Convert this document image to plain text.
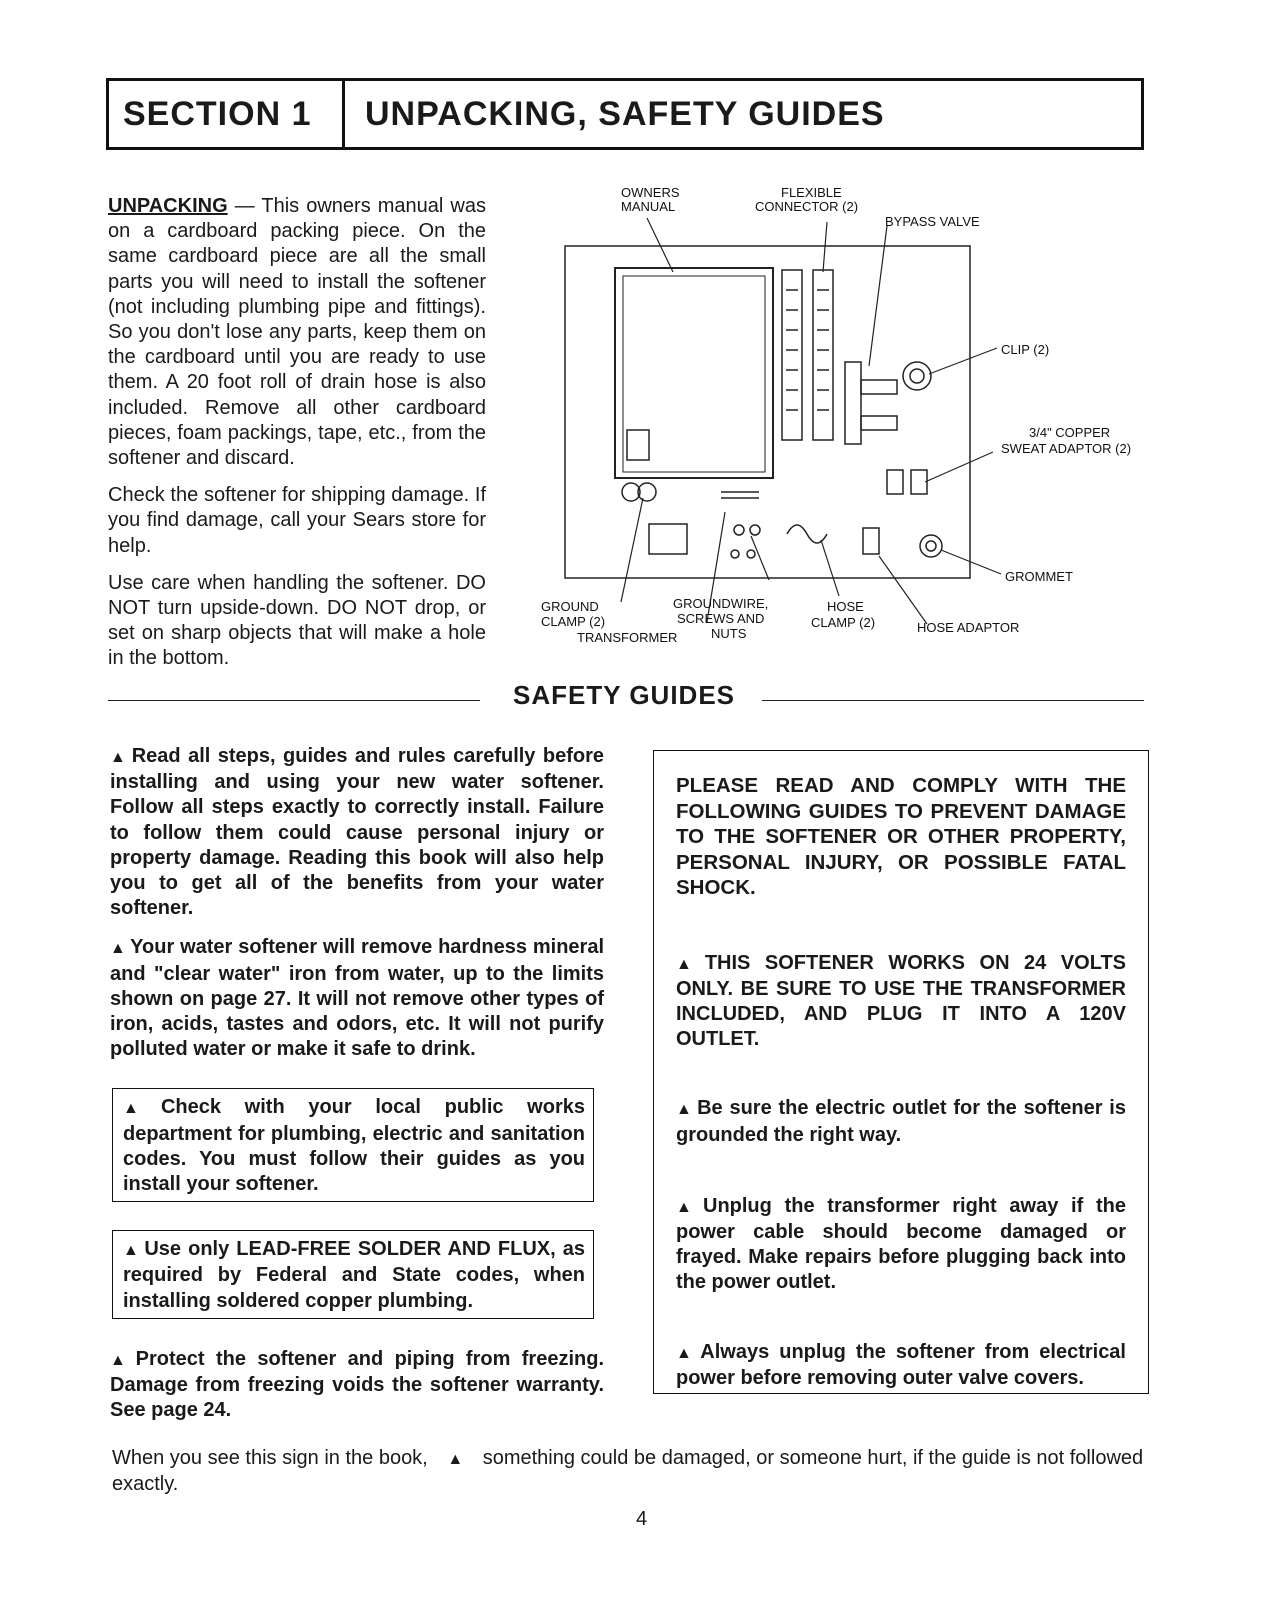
SECTION 1	UNPACKING, SAFETY GUIDES

UNPACKING — This owners manual was on a cardboard packing piece. On the same cardboard piece are all the small parts you will need to install the softener (not including plumbing pipe and fittings). So you don't lose any parts, keep them on the cardboard until you are ready to use them. A 20 foot roll of drain hose is also included. Remove all other cardboard pieces, foam packings, tape, etc., from the softener and discard.

Check the softener for shipping damage. If you find damage, call your Sears store for help.

Use care when handling the softener. DO NOT turn upside-down. DO NOT drop, or set on sharp objects that will make a hole in the bottom.

OWNERS
MANUAL
FLEXIBLE
CONNECTOR (2)
BYPASS VALVE
CLIP (2)
3/4" COPPER
SWEAT ADAPTOR (2)
GROMMET
GROUND
CLAMP (2)
TRANSFORMER
GROUNDWIRE,
SCREWS AND
NUTS
HOSE
CLAMP (2)	HOSE ADAPTOR
SAFETY GUIDES

▲ Read all steps, guides and rules carefully before installing and using your new water softener. Follow all steps exactly to correctly install. Failure to follow them could cause personal injury or property damage. Reading this book will also help you to get all of the benefits from your water softener.

▲ Your water softener will remove hardness mineral and "clear water" iron from water, up to the limits shown on page 27. It will not remove other types of iron, acids, tastes and odors, etc. It will not purify polluted water or make it safe to drink.

▲ Check with your local public works department for plumbing, electric and sanitation codes. You must follow their guides as you install your softener.

▲ Use only LEAD-FREE SOLDER AND FLUX, as required by Federal and State codes, when installing soldered copper plumbing.

▲ Protect the softener and piping from freezing. Damage from freezing voids the softener warranty. See page 24.

PLEASE READ AND COMPLY WITH THE FOLLOWING GUIDES TO PREVENT DAMAGE TO THE SOFTENER OR OTHER PROPERTY, PERSONAL INJURY, OR POSSIBLE FATAL SHOCK.

▲ THIS SOFTENER WORKS ON 24 VOLTS ONLY. BE SURE TO USE THE TRANSFORMER INCLUDED, AND PLUG IT INTO A 120V OUTLET.

▲ Be sure the electric outlet for the softener is grounded the right way.

▲ Unplug the transformer right away if the power cable should become damaged or frayed. Make repairs before plugging back into the power outlet.

▲ Always unplug the softener from electrical power before removing outer valve covers.

When you see this sign in the book, ▲ something could be damaged, or someone hurt, if the guide is not followed exactly.
4
